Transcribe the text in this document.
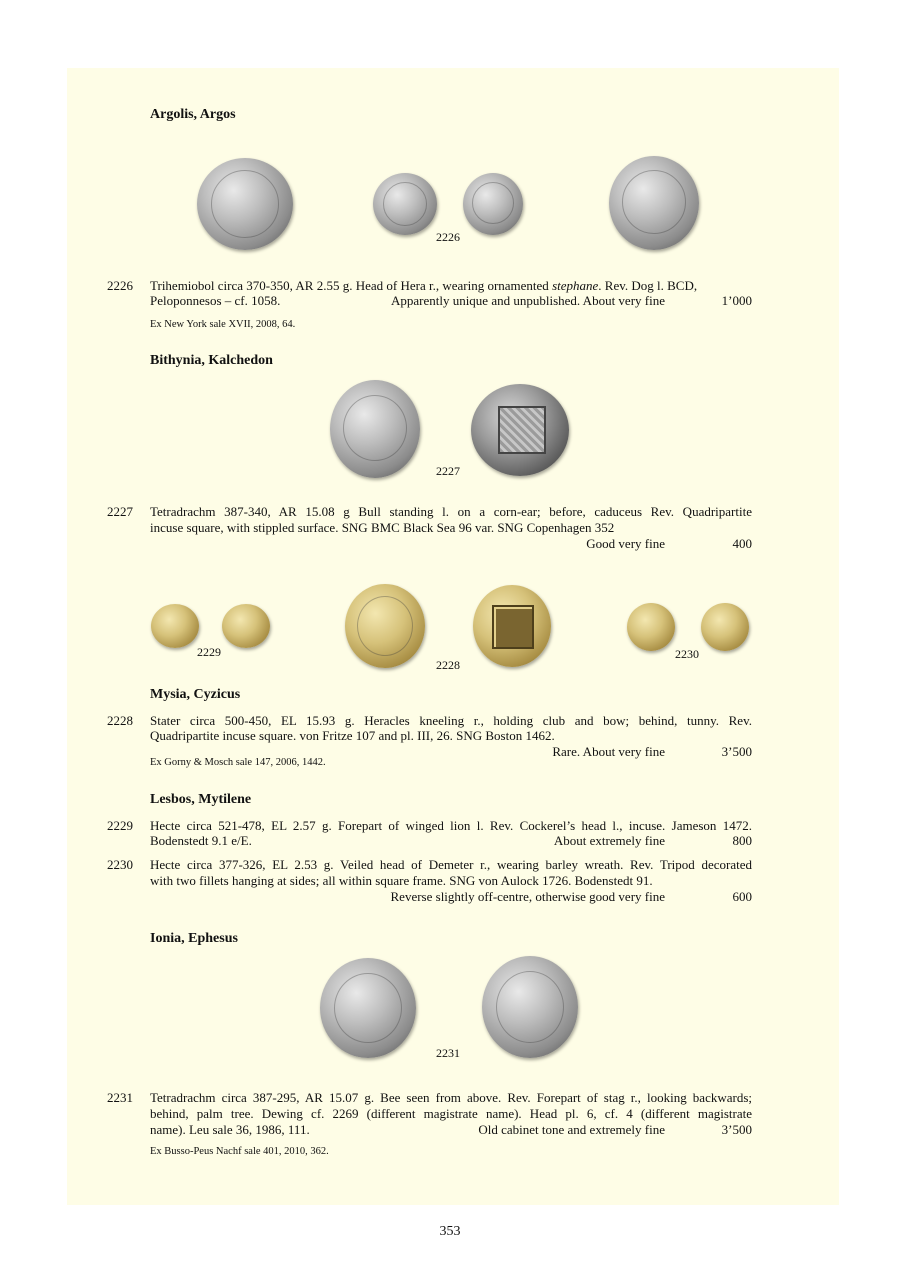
Argolis, Argos
2226
2226 Trihemiobol circa 370-350, AR 2.55 g. Head of Hera r., wearing ornamented stephane. Rev. Dog l. BCD,
Peloponnesos – cf. 1058.	Apparently unique and unpublished. About very fine	1’000
Ex New York sale XVII, 2008, 64.
Bithynia, Kalchedon
2227
2227 Tetradrachm 387-340, AR 15.08 g Bull standing l. on a corn-ear; before, caduceus Rev. Quadripartite
incuse square, with stippled surface. SNG BMC Black Sea 96 var. SNG Copenhagen 352
Good very fine	400
2229
2228
2230
Mysia, Cyzicus
2228 Stater circa 500-450, EL 15.93 g. Heracles kneeling r., holding club and bow; behind, tunny. Rev.
Quadripartite incuse square. von Fritze 107 and pl. III, 26. SNG Boston 1462.
Rare. About very fine	3’500
Ex Gorny & Mosch sale 147, 2006, 1442.
Lesbos, Mytilene
2229 Hecte circa 521-478, EL 2.57 g. Forepart of winged lion l. Rev. Cockerel’s head l., incuse. Jameson 1472.
Bodenstedt 9.1 e/E.	About extremely fine	800
2230 Hecte circa 377-326, EL 2.53 g. Veiled head of Demeter r., wearing barley wreath. Rev. Tripod decorated
with two fillets hanging at sides; all within square frame. SNG von Aulock 1726. Bodenstedt 91.
Reverse slightly off-centre, otherwise good very fine	600
Ionia, Ephesus
2231
2231 Tetradrachm circa 387-295, AR 15.07 g. Bee seen from above. Rev. Forepart of stag r., looking backwards;
behind, palm tree. Dewing cf. 2269 (different magistrate name). Head pl. 6, cf. 4 (different magistrate
name). Leu sale 36, 1986, 111.	Old cabinet tone and extremely fine	3’500
Ex Busso-Peus Nachf sale 401, 2010, 362.
353
